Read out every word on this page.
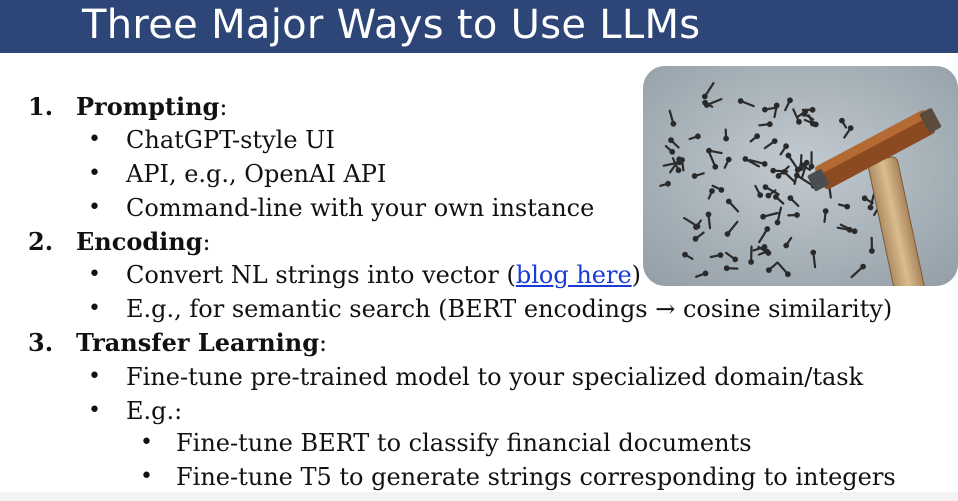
Three Major Ways to Use LLMs
1. Prompting:
• ChatGPT-style UI
• API, e.g., OpenAI API
• Command-line with your own instance
2. Encoding:
• Convert NL strings into vector (blog here)
• E.g., for semantic search (BERT encodings → cosine similarity)
3. Transfer Learning:
• Fine-tune pre-trained model to your specialized domain/task
• E.g.:
• Fine-tune BERT to classify financial documents
• Fine-tune T5 to generate strings corresponding to integers
